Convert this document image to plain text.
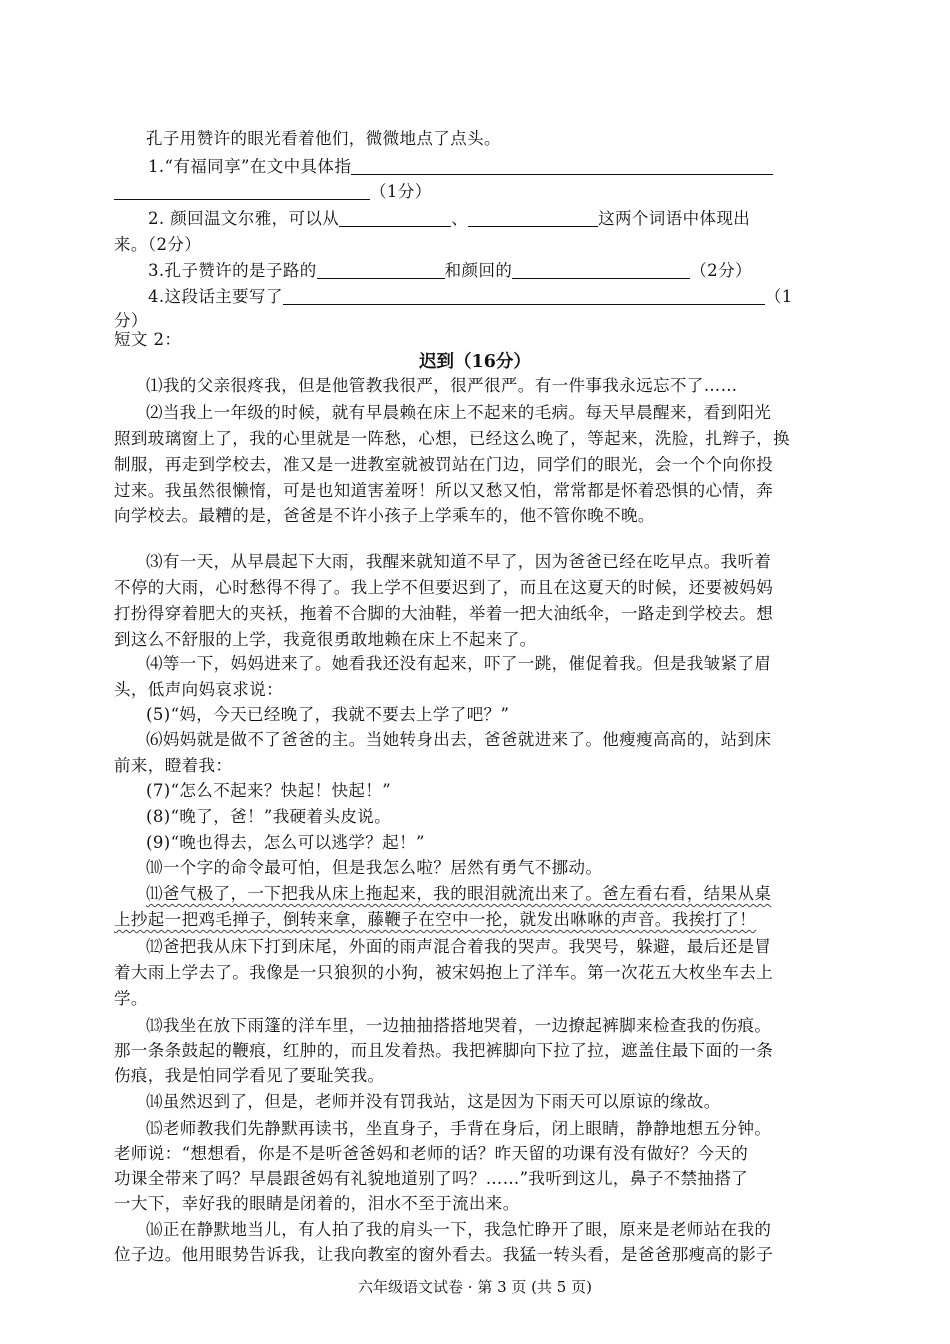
孔子用赞许的眼光看着他们，微微地点了点头。
1.“有福同享”在文中具体指
（1分）
2. 颜回温文尔雅，可以从	、	这两个词语中体现出
来。（2分）
3.孔子赞许的是子路的	和颜回的	（2分）
4.这段话主要写了	（1
分）
短文 2：
迟到（16分）
⑴我的父亲很疼我，但是他管教我很严，很严很严。有一件事我永远忘不了……
⑵当我上一年级的时候，就有早晨赖在床上不起来的毛病。每天早晨醒来，看到阳光
照到玻璃窗上了，我的心里就是一阵愁，心想，已经这么晚了，等起来，洗脸，扎辫子，换
制服，再走到学校去，准又是一进教室就被罚站在门边，同学们的眼光，会一个个向你投
过来。我虽然很懒惰，可是也知道害羞呀！所以又愁又怕，常常都是怀着恐惧的心情，奔
向学校去。最糟的是，爸爸是不许小孩子上学乘车的，他不管你晚不晚。
⑶有一天，从早晨起下大雨，我醒来就知道不早了，因为爸爸已经在吃早点。我听着
不停的大雨，心时愁得不得了。我上学不但要迟到了，而且在这夏天的时候，还要被妈妈
打扮得穿着肥大的夹袄，拖着不合脚的大油鞋，举着一把大油纸伞，一路走到学校去。想
到这么不舒服的上学，我竟很勇敢地赖在床上不起来了。
⑷等一下，妈妈进来了。她看我还没有起来，吓了一跳，催促着我。但是我皱紧了眉
头，低声向妈哀求说：
(5)“妈，今天已经晚了，我就不要去上学了吧？”
⑹妈妈就是做不了爸爸的主。当她转身出去，爸爸就进来了。他瘦瘦高高的，站到床
前来，瞪着我：
(7)“怎么不起来？快起！快起！”
(8)“晚了，爸！”我硬着头皮说。
(9)“晚也得去，怎么可以逃学？起！”
⑽一个字的命令最可怕，但是我怎么啦？居然有勇气不挪动。
⑾爸气极了，一下把我从床上拖起来，我的眼泪就流出来了。爸左看右看，结果从桌
上抄起一把鸡毛掸子，倒转来拿，藤鞭子在空中一抡，就发出咻咻的声音。我挨打了！
⑿爸把我从床下打到床尾，外面的雨声混合着我的哭声。我哭号，躲避，最后还是冒
着大雨上学去了。我像是一只狼狈的小狗，被宋妈抱上了洋车。第一次花五大枚坐车去上
学。
⒀我坐在放下雨篷的洋车里，一边抽抽搭搭地哭着，一边撩起裤脚来检查我的伤痕。
那一条条鼓起的鞭痕，红肿的，而且发着热。我把裤脚向下拉了拉，遮盖住最下面的一条
伤痕，我是怕同学看见了要耻笑我。
⒁虽然迟到了，但是，老师并没有罚我站，这是因为下雨天可以原谅的缘故。
⒂老师教我们先静默再读书，坐直身子，手背在身后，闭上眼睛，静静地想五分钟。
老师说：“想想看，你是不是听爸爸妈和老师的话？昨天留的功课有没有做好？今天的
功课全带来了吗？早晨跟爸妈有礼貌地道别了吗？……”我听到这儿，鼻子不禁抽搭了
一大下，幸好我的眼睛是闭着的，泪水不至于流出来。
⒃正在静默地当儿，有人拍了我的肩头一下，我急忙睁开了眼，原来是老师站在我的
六年级语文试卷 · 第 3 页 (共 5 页)
位子边。他用眼势告诉我，让我向教室的窗外看去。我猛一转头看，是爸爸那瘦高的影子
